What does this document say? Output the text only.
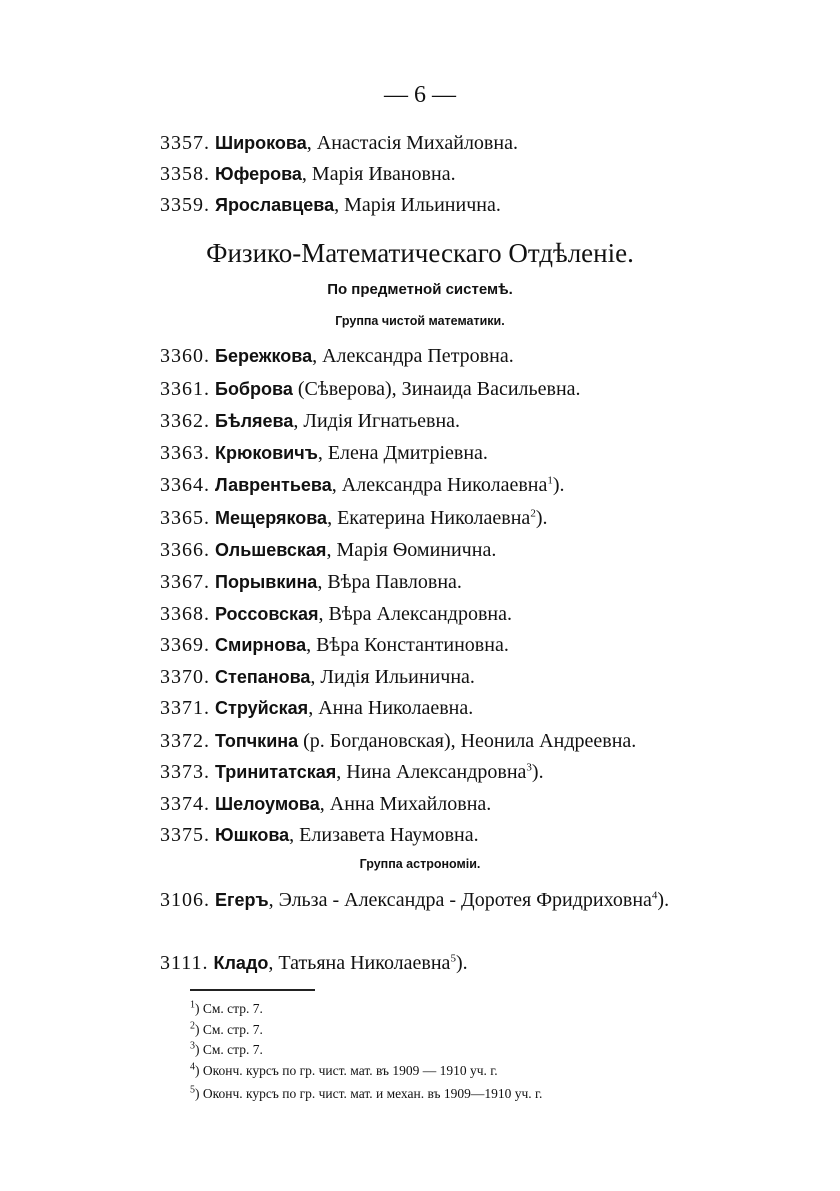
— 6 —
3357. Широкова, Анастасія Михайловна.
3358. Юферова, Марія Ивановна.
3359. Ярославцева, Марія Ильинична.
Физико-Математическаго Отдѣленіе.
По предметной системѣ.
Группа чистой математики.
3360. Бережкова, Александра Петровна.
3361. Боброва (Сѣверова), Зинаида Васильевна.
3362. Бѣляева, Лидія Игнатьевна.
3363. Крюковичъ, Елена Дмитріевна.
3364. Лаврентьева, Александра Николаевна$^1$).
3365. Мещерякова, Екатерина Николаевна$^2$).
3366. Ольшевская, Марія Ѳоминична.
3367. Порывкина, Вѣра Павловна.
3368. Россовская, Вѣра Александровна.
3369. Смирнова, Вѣра Константиновна.
3370. Степанова, Лидія Ильинична.
3371. Струйская, Анна Николаевна.
3372. Топчкина (р. Богдановская), Неонила Андреевна.
3373. Тринитатская, Нина Александровна$^3$).
3374. Шелоумова, Анна Михайловна.
3375. Юшкова, Елизавета Наумовна.
Группа астрономіи.
3106. Егеръ, Эльза - Александра - Доротея Фридриховна$^4$).
3111. Кладо, Татьяна Николаевна$^5$).
$^1$) См. стр. 7.
$^2$) См. стр. 7.
$^3$) См. стр. 7.
$^4$) Оконч. курсъ по гр. чист. мат. въ 1909 — 1910 уч. г.
$^5$) Оконч. курсъ по гр. чист. мат. и механ. въ 1909—1910 уч. г.
